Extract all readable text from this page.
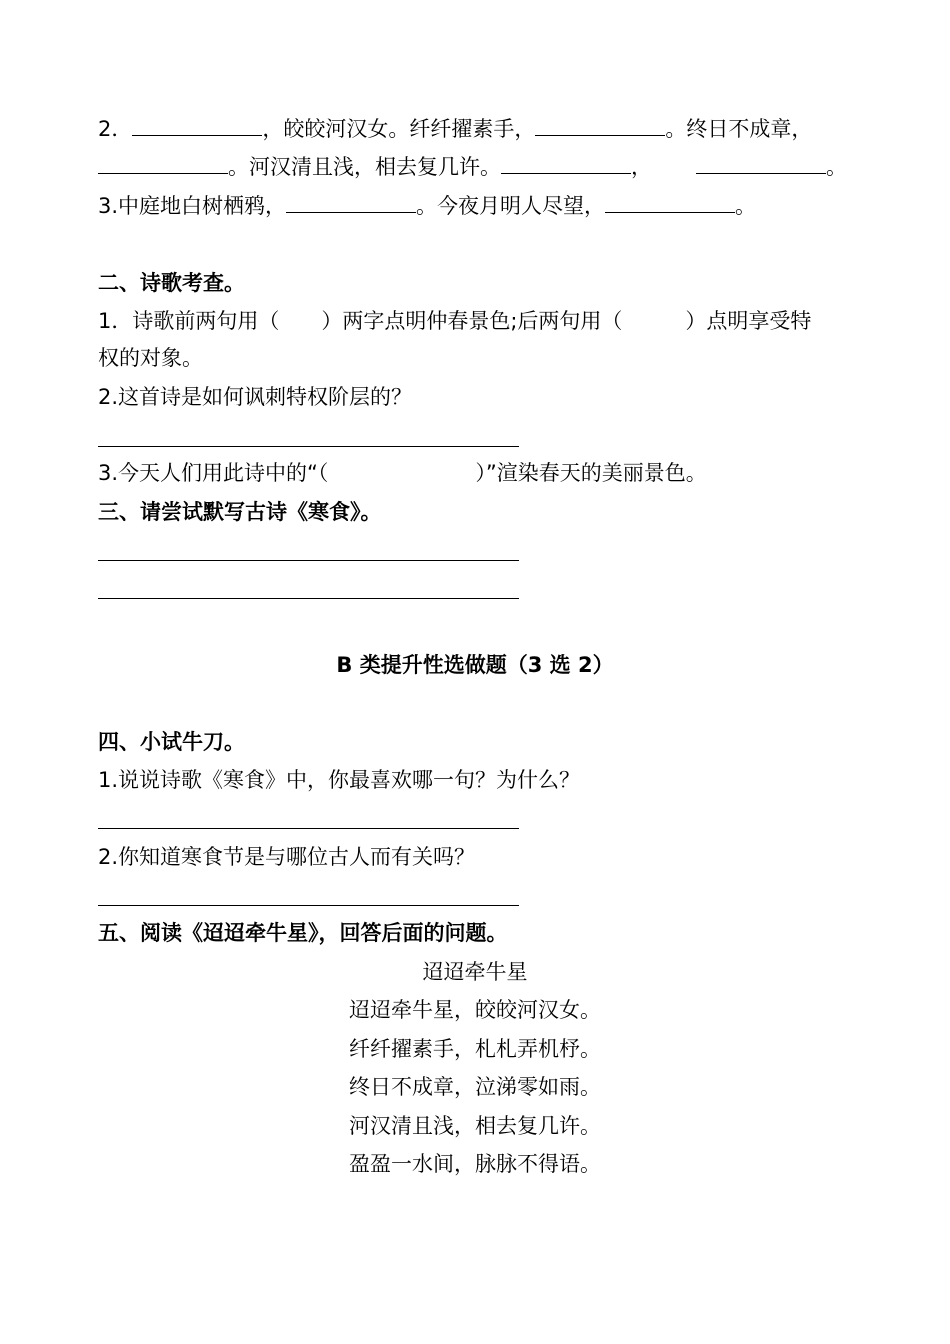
2．	，皎皎河汉女。纤纤擢素手，	。终日不成章，
。河汉清且浅，相去复几许。	，	。
3.中庭地白树栖鸦，	。今夜月明人尽望，	。
二、诗歌考查。
1．诗歌前两句用（　　）两字点明仲春景色;后两句用（　　　）点明享受特
权的对象。
2.这首诗是如何讽刺特权阶层的？
3.今天人们用此诗中的“（　　　　　　　）”渲染春天的美丽景色。
三、请尝试默写古诗《寒食》。
B 类提升性选做题（3 选 2）
四、小试牛刀。
1.说说诗歌《寒食》中，你最喜欢哪一句？为什么？
2.你知道寒食节是与哪位古人而有关吗？
五、阅读《迢迢牵牛星》，回答后面的问题。
迢迢牵牛星
迢迢牵牛星，皎皎河汉女。
纤纤擢素手，札札弄机杼。
终日不成章，泣涕零如雨。
河汉清且浅，相去复几许。
盈盈一水间，脉脉不得语。
